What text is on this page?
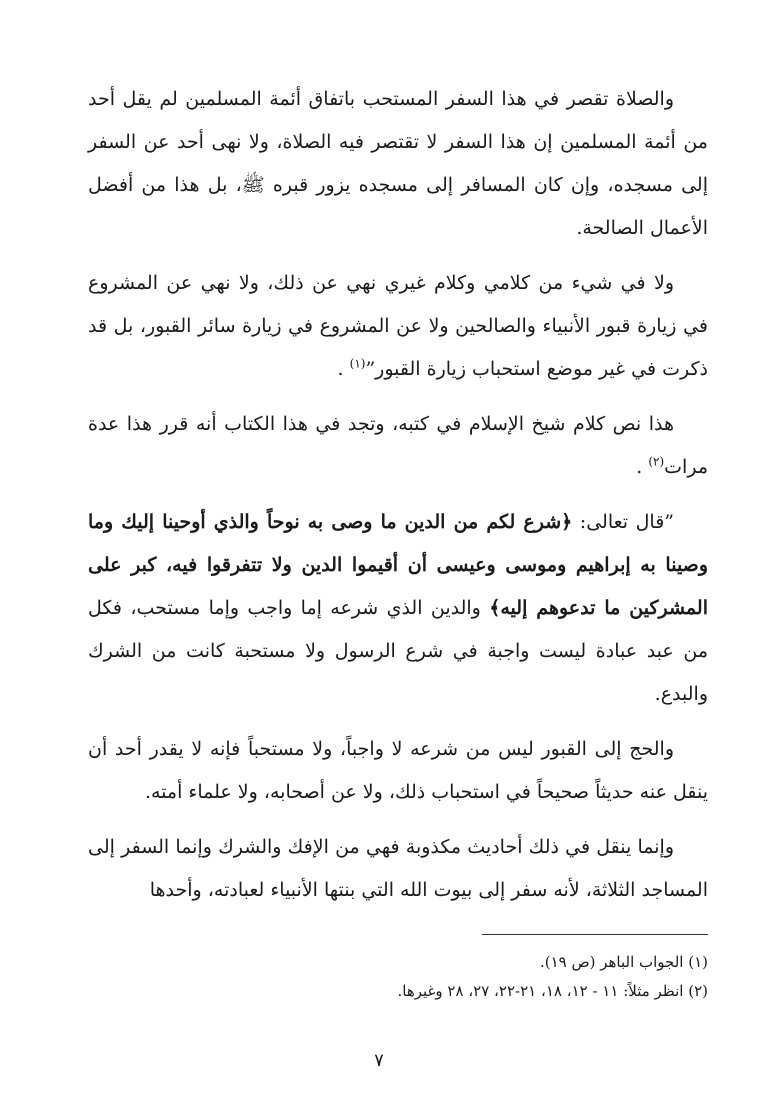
والصلاة تقصر في هذا السفر المستحب باتفاق أئمة المسلمين لم يقل أحد من أئمة المسلمين إن هذا السفر لا تقتصر فيه الصلاة، ولا نهى أحد عن السفر إلى مسجده، وإن كان المسافر إلى مسجده يزور قبره ﷺ، بل هذا من أفضل الأعمال الصالحة.

ولا في شيء من كلامي وكلام غيري نهي عن ذلك، ولا نهي عن المشروع في زيارة قبور الأنبياء والصالحين ولا عن المشروع في زيارة سائر القبور، بل قد ذكرت في غير موضع استحباب زيارة القبور”$^{(١)}$ .

هذا نص كلام شيخ الإسلام في كتبه، وتجد في هذا الكتاب أنه قرر هذا عدة مرات$^{(٢)}$ .

”قال تعالى: ﴿شرع لكم من الدين ما وصى به نوحاً والذي أوحينا إليك وما وصينا به إبراهيم وموسى وعيسى أن أقيموا الدين ولا تتفرقوا فيه، كبر على المشركين ما تدعوهم إليه﴾ والدين الذي شرعه إما واجب وإما مستحب، فكل من عبد عبادة ليست واجبة في شرع الرسول ولا مستحبة كانت من الشرك والبدع.

والحج إلى القبور ليس من شرعه لا واجباً، ولا مستحباً فإنه لا يقدر أحد أن ينقل عنه حديثاً صحيحاً في استحباب ذلك، ولا عن أصحابه، ولا علماء أمته.

وإنما ينقل في ذلك أحاديث مكذوبة فهي من الإفك والشرك وإنما السفر إلى المساجد الثلاثة، لأنه سفر إلى بيوت الله التي بنتها الأنبياء لعبادته، وأحدها

(١) الجواب الباهر (ص ١٩).
(٢) انظر مثلاً: ١١ - ١٢، ١٨، ٢١-٢٢، ٢٧، ٢٨ وغيرها.
٧
